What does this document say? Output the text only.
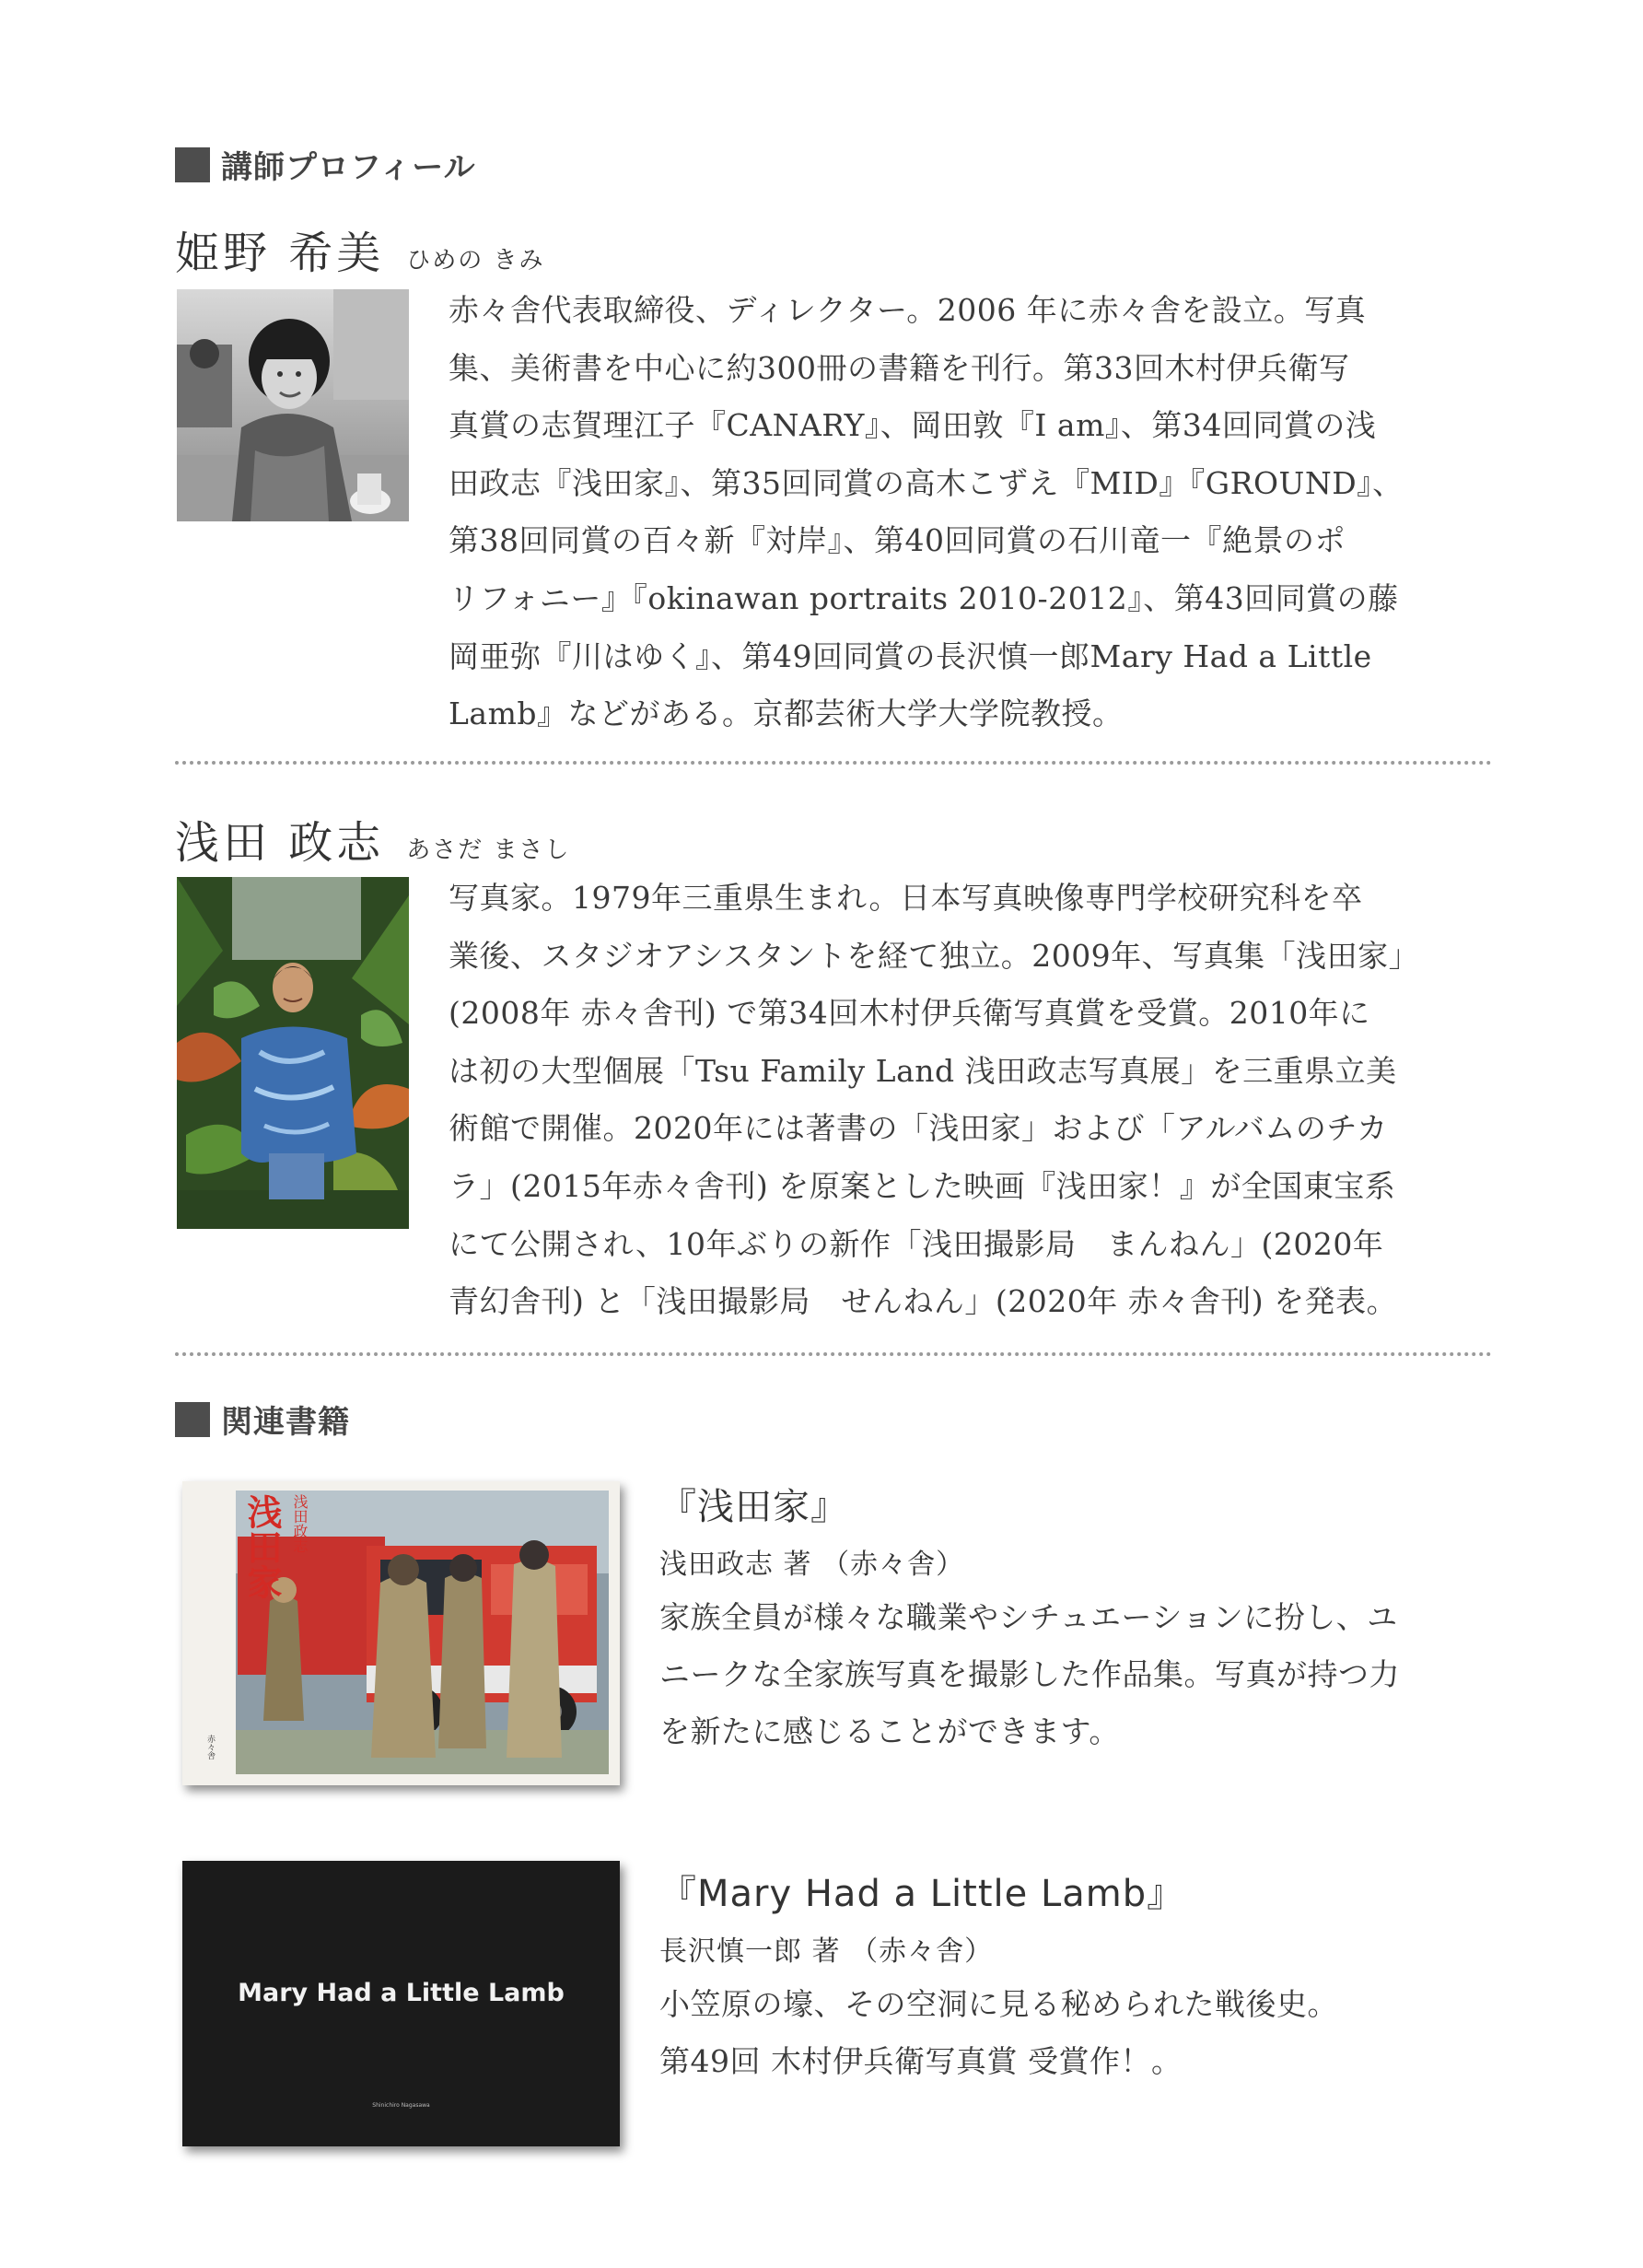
講師プロフィール
姫野 希美 ひめの きみ
赤々舎代表取締役、ディレクター。2006 年に赤々舎を設立。写真
集、美術書を中心に約300冊の書籍を刊行。第33回木村伊兵衛写
真賞の志賀理江子『CANARY』、岡田敦『I am』、第34回同賞の浅
田政志『浅田家』、第35回同賞の高木こずえ『MID』『GROUND』、
第38回同賞の百々新『対岸』、第40回同賞の石川竜一『絶景のポ
リフォニー』『okinawan portraits 2010-2012』、第43回同賞の藤
岡亜弥『川はゆく』、第49回同賞の長沢慎一郎Mary Had a Little
Lamb』などがある。京都芸術大学大学院教授。
浅田 政志 あさだ まさし
写真家。1979年三重県生まれ。日本写真映像専門学校研究科を卒
業後、スタジオアシスタントを経て独立。2009年、写真集「浅田家」
(2008年 赤々舎刊) で第34回木村伊兵衛写真賞を受賞。2010年に
は初の大型個展「Tsu Family Land 浅田政志写真展」を三重県立美
術館で開催。2020年には著書の「浅田家」および「アルバムのチカ
ラ」(2015年赤々舎刊) を原案とした映画『浅田家！』が全国東宝系
にて公開され、10年ぶりの新作「浅田撮影局　まんねん」(2020年
青幻舎刊) と「浅田撮影局　せんねん」(2020年 赤々舎刊) を発表。
関連書籍
浅田家 浅田政志
赤々舎
『浅田家』
浅田政志 著 （赤々舎）
家族全員が様々な職業やシチュエーションに扮し、ユ
ニークな全家族写真を撮影した作品集。写真が持つ力
を新たに感じることができます。
Mary Had a Little Lamb
Shinichiro Nagasawa
『Mary Had a Little Lamb』
長沢慎一郎 著 （赤々舎）
小笠原の壕、その空洞に見る秘められた戦後史。
第49回 木村伊兵衛写真賞 受賞作！。
